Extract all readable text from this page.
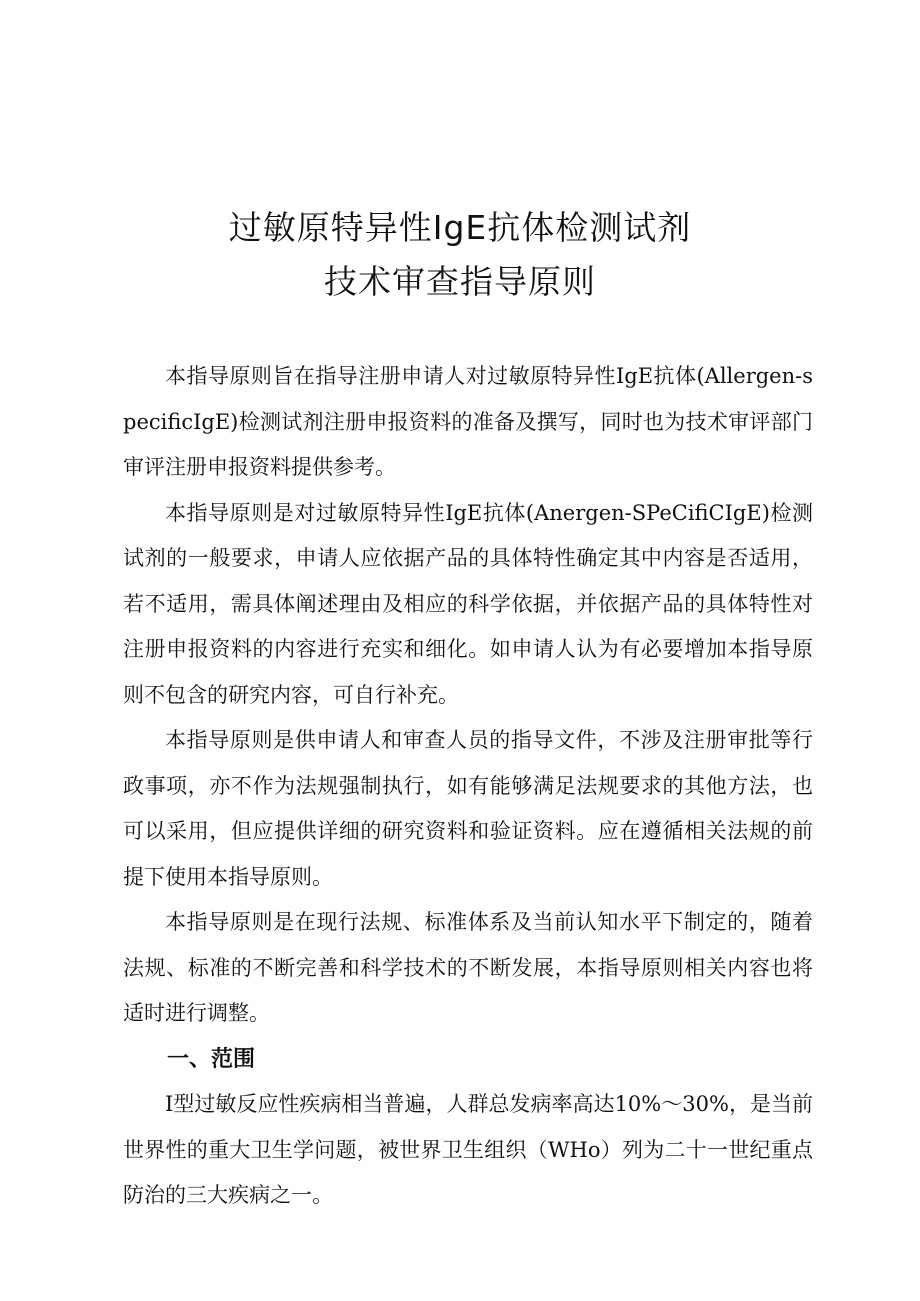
过敏原特异性IgE抗体检测试剂
技术审查指导原则

本指导原则旨在指导注册申请人对过敏原特异性IgE抗体(Allergen-specificIgE)检测试剂注册申报资料的准备及撰写，同时也为技术审评部门审评注册申报资料提供参考。

本指导原则是对过敏原特异性IgE抗体(Anergen-SPeCifiCIgE)检测试剂的一般要求，申请人应依据产品的具体特性确定其中内容是否适用，若不适用，需具体阐述理由及相应的科学依据，并依据产品的具体特性对注册申报资料的内容进行充实和细化。如申请人认为有必要增加本指导原则不包含的研究内容，可自行补充。

本指导原则是供申请人和审查人员的指导文件，不涉及注册审批等行政事项，亦不作为法规强制执行，如有能够满足法规要求的其他方法，也可以采用，但应提供详细的研究资料和验证资料。应在遵循相关法规的前提下使用本指导原则。

本指导原则是在现行法规、标准体系及当前认知水平下制定的，随着法规、标准的不断完善和科学技术的不断发展，本指导原则相关内容也将适时进行调整。

一、范围

I型过敏反应性疾病相当普遍，人群总发病率高达10%～30%，是当前世界性的重大卫生学问题，被世界卫生组织（WHo）列为二十一世纪重点防治的三大疾病之一。
